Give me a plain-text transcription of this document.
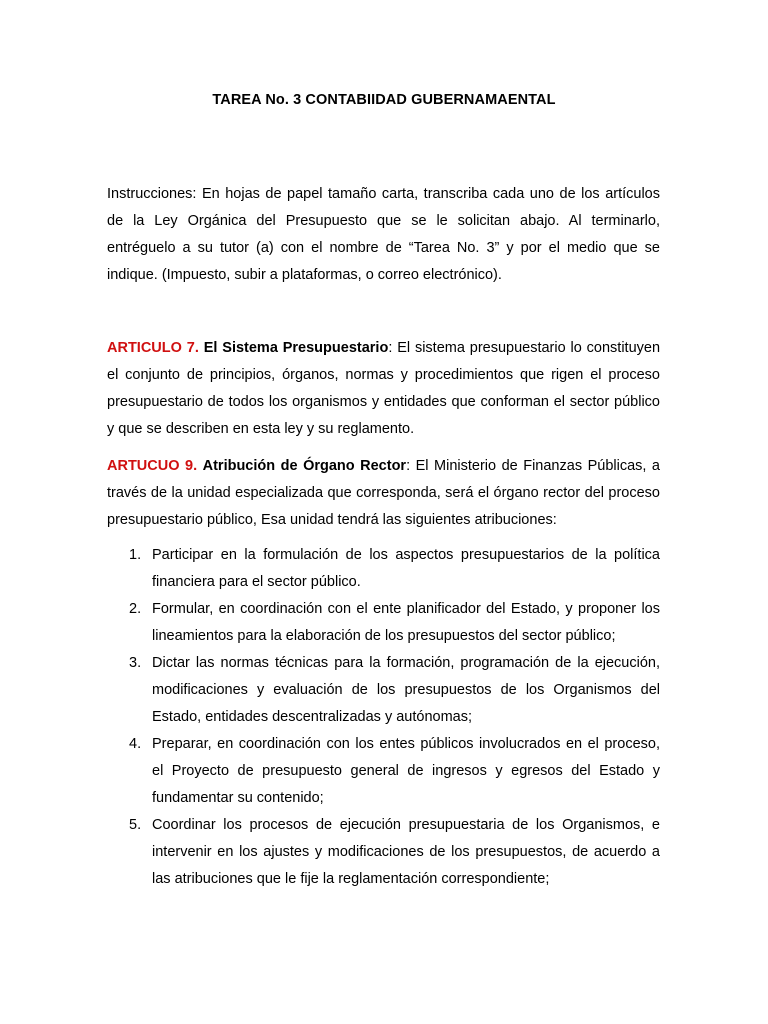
TAREA No. 3 CONTABIIDAD GUBERNAMAENTAL

Instrucciones: En hojas de papel tamaño carta, transcriba cada uno de los artículos de la Ley Orgánica del Presupuesto que se le solicitan abajo. Al terminarlo, entréguelo a su tutor (a) con el nombre de “Tarea No. 3” y por el medio que se indique. (Impuesto, subir a plataformas, o correo electrónico).

ARTICULO 7. El Sistema Presupuestario: El sistema presupuestario lo constituyen el conjunto de principios, órganos, normas y procedimientos que rigen el proceso presupuestario de todos los organismos y entidades que conforman el sector público y que se describen en esta ley y su reglamento.

ARTUCUO 9. Atribución de Órgano Rector: El Ministerio de Finanzas Públicas, a través de la unidad especializada que corresponda, será el órgano rector del proceso presupuestario público, Esa unidad tendrá las siguientes atribuciones:

1. Participar en la formulación de los aspectos presupuestarios de la política financiera para el sector público.
2. Formular, en coordinación con el ente planificador del Estado, y proponer los lineamientos para la elaboración de los presupuestos del sector público;
3. Dictar las normas técnicas para la formación, programación de la ejecución, modificaciones y evaluación de los presupuestos de los Organismos del Estado, entidades descentralizadas y autónomas;
4. Preparar, en coordinación con los entes públicos involucrados en el proceso, el Proyecto de presupuesto general de ingresos y egresos del Estado y fundamentar su contenido;
5. Coordinar los procesos de ejecución presupuestaria de los Organismos, e intervenir en los ajustes y modificaciones de los presupuestos, de acuerdo a las atribuciones que le fije la reglamentación correspondiente;
